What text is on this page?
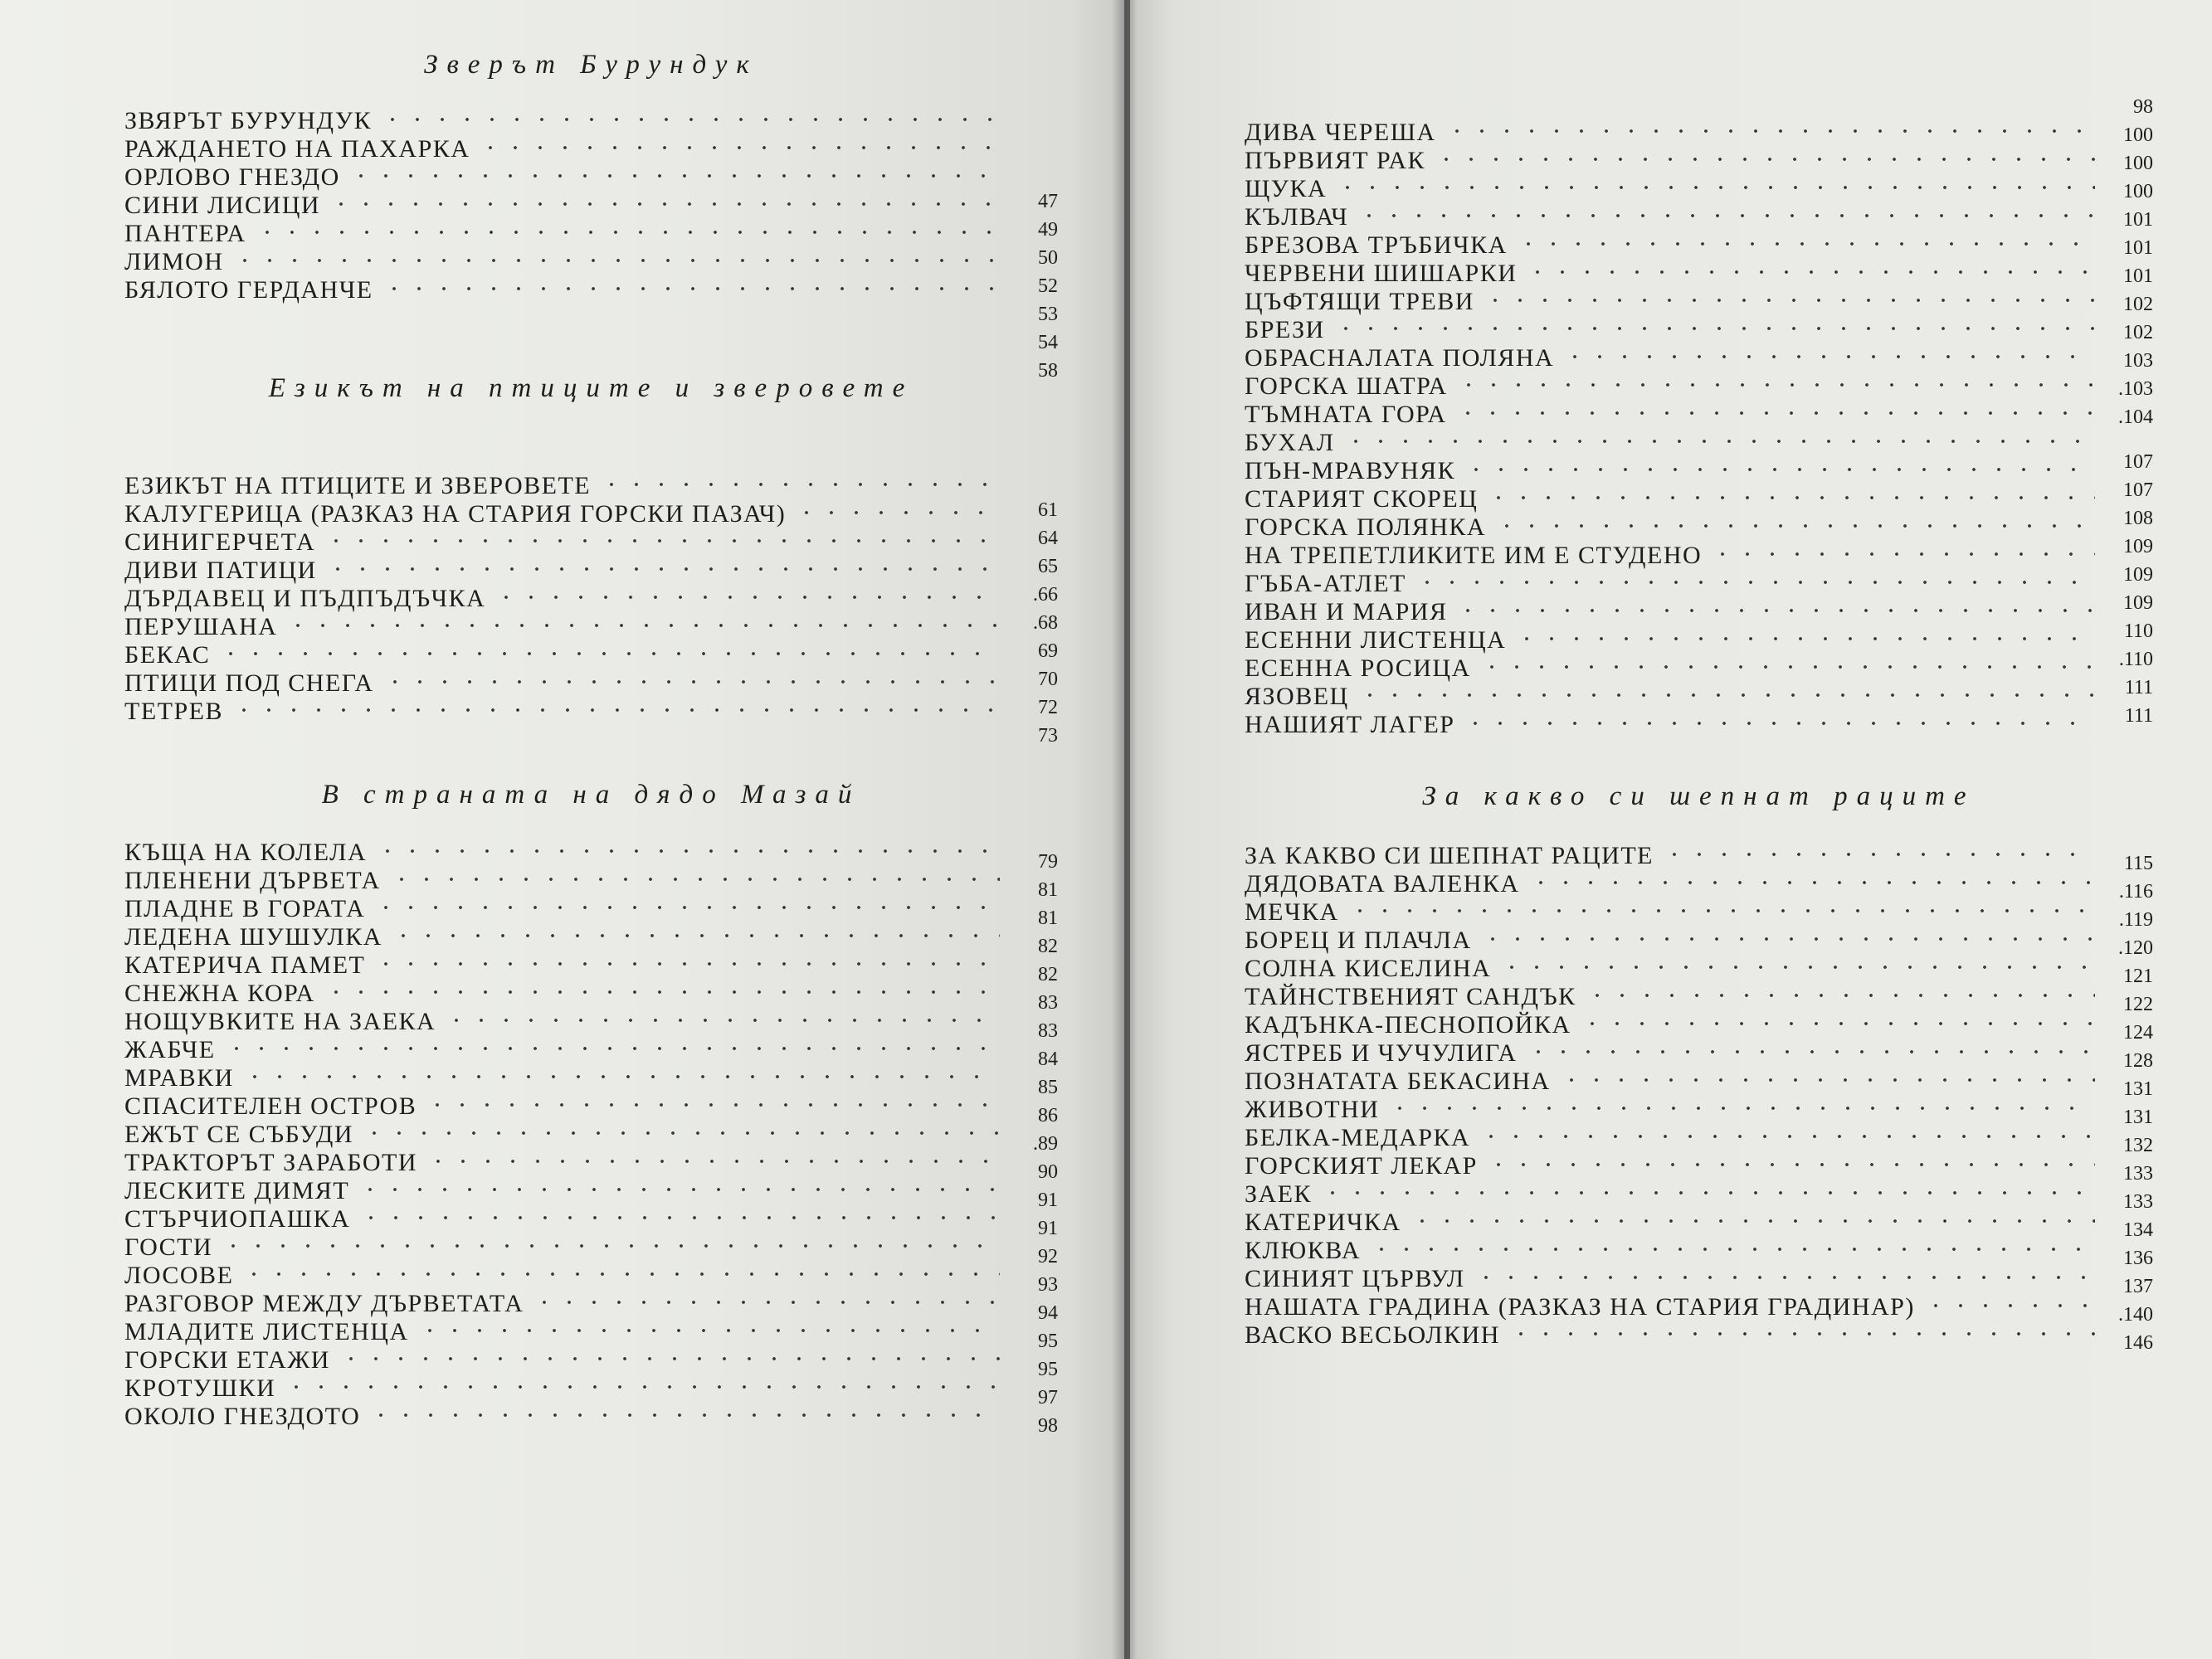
Зверът Бурундук
ЗВЯРЪТ БУРУНДУК
РАЖДАНЕТО НА ПАХАРКА
ОРЛОВО ГНЕЗДО
СИНИ ЛИСИЦИ
ПАНТЕРА
ЛИМОН
БЯЛОТО ГЕРДАНЧЕ
Езикът на птиците и зверовете
ЕЗИКЪТ НА ПТИЦИТЕ И ЗВЕРОВЕТЕ
КАЛУГЕРИЦА (РАЗКАЗ НА СТАРИЯ ГОРСКИ ПАЗАЧ)
СИНИГЕРЧЕТА
ДИВИ ПАТИЦИ
ДЪРДАВЕЦ И ПЪДПЪДЪЧКА
ПЕРУШАНА
БЕКАС
ПТИЦИ ПОД СНЕГА
ТЕТРЕВ
В страната на дядо Мазай
КЪЩА НА КОЛЕЛА
ПЛЕНЕНИ ДЪРВЕТА
ПЛАДНЕ В ГОРАТА
ЛЕДЕНА ШУШУЛКА
КАТЕРИЧА ПАМЕТ
СНЕЖНА КОРА
НОЩУВКИТЕ НА ЗАЕКА
ЖАБЧЕ
МРАВКИ
СПАСИТЕЛЕН ОСТРОВ
ЕЖЪТ СЕ СЪБУДИ
ТРАКТОРЪТ ЗАРАБОТИ
ЛЕСКИТЕ ДИМЯТ
СТЪРЧИОПАШКА
ГОСТИ
ЛОСОВЕ
РАЗГОВОР МЕЖДУ ДЪРВЕТАТА
МЛАДИТЕ ЛИСТЕНЦА
ГОРСКИ ЕТАЖИ
КРОТУШКИ
ОКОЛО ГНЕЗДОТО
47
49
50
52
53
54
58
61
64
65
.66
.68
69
70
72
73
79
81
81
82
82
83
83
84
85
86
.89
90
91
91
92
93
94
95
95
97
98
98
ДИВА ЧЕРЕША
ПЪРВИЯТ РАК
ЩУКА
КЪЛВАЧ
БРЕЗОВА ТРЪБИЧКА
ЧЕРВЕНИ ШИШАРКИ
ЦЪФТЯЩИ ТРЕВИ
БРЕЗИ
ОБРАСНАЛАТА ПОЛЯНА
ГОРСКА ШАТРА
ТЪМНАТА ГОРА
БУХАЛ
ПЪН-МРАВУНЯК
СТАРИЯТ СКОРЕЦ
ГОРСКА ПОЛЯНКА
НА ТРЕПЕТЛИКИТЕ ИМ Е СТУДЕНО
ГЪБА-АТЛЕТ
ИВАН И МАРИЯ
ЕСЕННИ ЛИСТЕНЦА
ЕСЕННА РОСИЦА
ЯЗОВЕЦ
НАШИЯТ ЛАГЕР
100
100
100
101
101
101
102
102
103
.103
.104
107
107
108
109
109
109
110
.110
111
111
За какво си шепнат раците
ЗА КАКВО СИ ШЕПНАТ РАЦИТЕ
ДЯДОВАТА ВАЛЕНКА
МЕЧКА
БОРЕЦ И ПЛАЧЛА
СОЛНА КИСЕЛИНА
ТАЙНСТВЕНИЯТ САНДЪК
КАДЪНКА-ПЕСНОПОЙКА
ЯСТРЕБ И ЧУЧУЛИГА
ПОЗНАТАТА БЕКАСИНА
ЖИВОТНИ
БЕЛКА-МЕДАРКА
ГОРСКИЯТ ЛЕКАР
ЗАЕК
КАТЕРИЧКА
КЛЮКВА
СИНИЯТ ЦЪРВУЛ
НАШАТА ГРАДИНА (РАЗКАЗ НА СТАРИЯ ГРАДИНАР)
ВАСКО ВЕСЬОЛКИН
115
.116
.119
.120
121
122
124
128
131
131
132
133
133
134
136
137
.140
146
